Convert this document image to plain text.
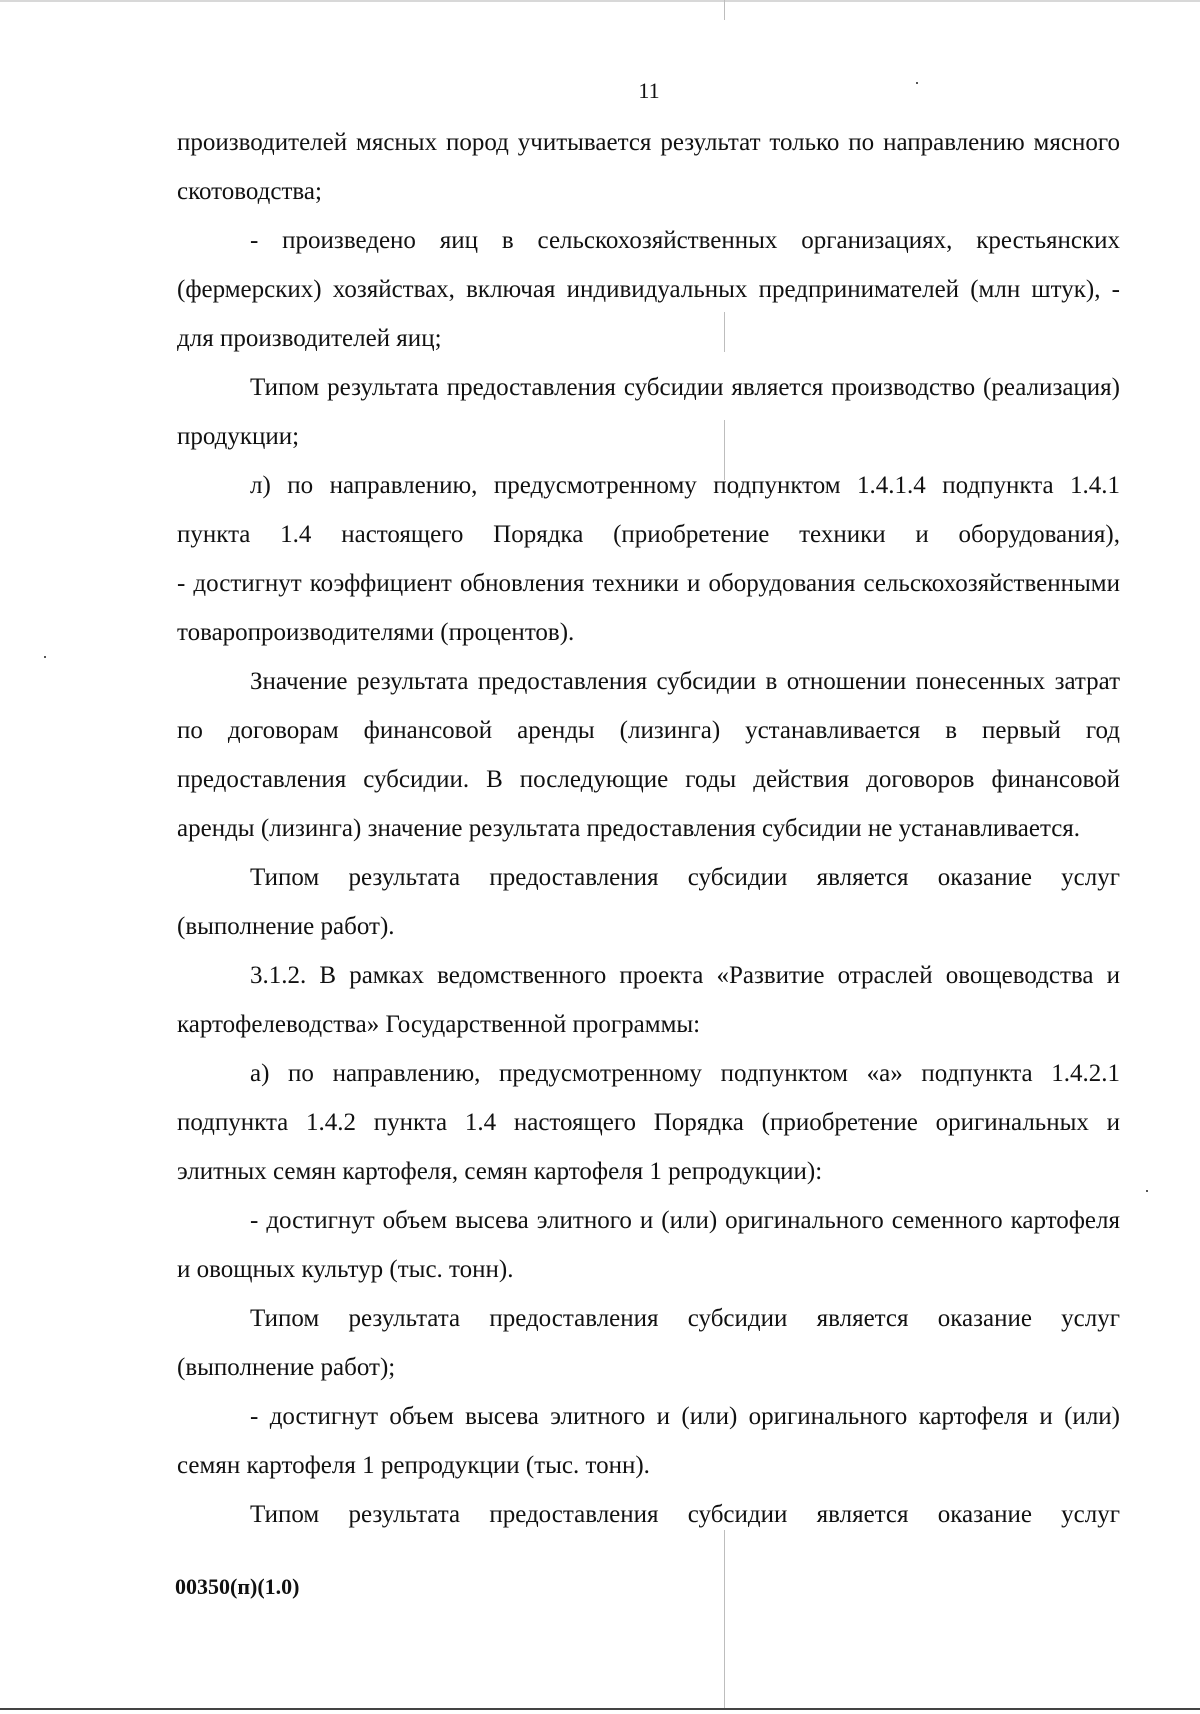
11

производителей мясных пород учитывается результат только по направлению мясного скотоводства;

- произведено яиц в сельскохозяйственных организациях, крестьянских (фермерских) хозяйствах, включая индивидуальных предпринимателей (млн штук), - для производителей яиц;

Типом результата предоставления субсидии является производство (реализация) продукции;

л) по направлению, предусмотренному подпунктом 1.4.1.4 подпункта 1.4.1 пункта 1.4 настоящего Порядка (приобретение техники и оборудования),

- достигнут коэффициент обновления техники и оборудования сельскохозяйственными товаропроизводителями (процентов).

Значение результата предоставления субсидии в отношении понесенных затрат по договорам финансовой аренды (лизинга) устанавливается в первый год предоставления субсидии. В последующие годы действия договоров финансовой аренды (лизинга) значение результата предоставления субсидии не устанавливается.

Типом результата предоставления субсидии является оказание услуг (выполнение работ).

3.1.2. В рамках ведомственного проекта «Развитие отраслей овощеводства и картофелеводства» Государственной программы:

а) по направлению, предусмотренному подпунктом «а» подпункта 1.4.2.1 подпункта 1.4.2 пункта 1.4 настоящего Порядка (приобретение оригинальных и элитных семян картофеля, семян картофеля 1 репродукции):

- достигнут объем высева элитного и (или) оригинального семенного картофеля и овощных культур (тыс. тонн).

Типом результата предоставления субсидии является оказание услуг (выполнение работ);

- достигнут объем высева элитного и (или) оригинального картофеля и (или) семян картофеля 1 репродукции (тыс. тонн).

Типом результата предоставления субсидии является оказание услуг

00350(п)(1.0)
